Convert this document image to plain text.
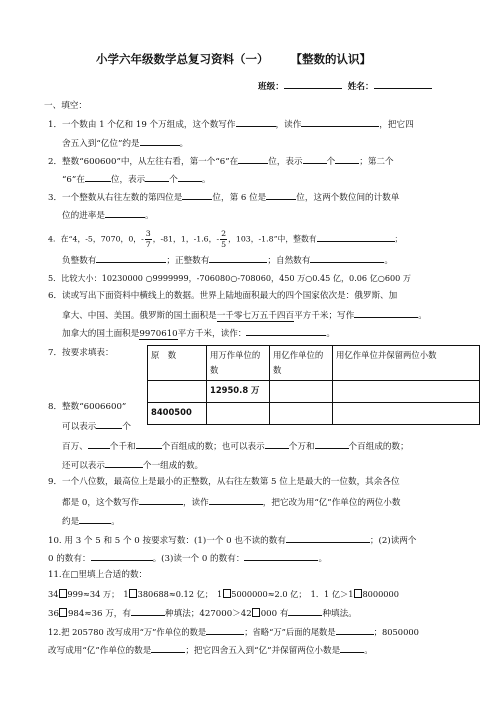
小学六年级数学总复习资料（一） 【整数的认识】
班级：	姓名：
一、填空：
1．一个数由 1 个亿和 19 个万组成，这个数写作	，读作	，把它四
舍五入到“亿位”约是	。
2．整数“600600”中，从左往右看，第一个“6”在	位，表示	个	；第二个
“6”在	位，表示	个	。
3．一个整数从右往左数的第四位是	位，第 6 位是	位，这两个数位间的计数单
位的进率是	。
4．在“4，-5，7070，0，- $\frac{3}{7}$ ，-81，1，-1.6，- $\frac{2}{5}$ ，103，-1.8”中，整数有	；
负整数有	；正整数有	；自然数有	。
5．比较大小：10230000 ○9999999，-706080○-708060，450 万○0.45 亿，0.06 亿○600 万
6．读或写出下面资料中横线上的数据。世界上陆地面积最大的四个国家依次是：俄罗斯、加
拿大、中国、美国。俄罗斯的国土面积是一千零七万五千四百平方千米；写作	。
加拿大的国土面积是9970610平方千米，读作：	。
7．按要求填表：	原　数	用万作单位的数	用亿作单位的数	用亿作单位并保留两位小数
	12950.8 万		
8400500			
8．整数“6006600”
可以表示	个
百万、	个千和	个百组成的数；也可以表示	个万和	个百组成的数；
还可以表示	个一组成的数。
9．一个八位数，最高位上是最小的正整数，从右往左数第 5 位上是最大的一位数，其余各位
都是 0，这个数写作	，读作	，把它改为用“亿”作单位的两位小数
约是	。
10. 用 3 个 5 和 5 个 0 按要求写数：(1)一个 0 也不读的数有	；(2)读两个
0 的数有：	。(3)读一个 0 的数有：	。
11.在□里填上合适的数：
34 999≈34 万；　1 380688≈0.12 亿；　1 5000000≈2.0 亿；　1．1 亿＞1 8000000
36 984≈36 万，有	种填法；427000＞42 000 有	种填法。
12.把 205780 改写成用“万”作单位的数是	；省略“万”后面的尾数是	；8050000
改写成用“亿”作单位的数是	；把它四舍五入到“亿”并保留两位小数是	。
